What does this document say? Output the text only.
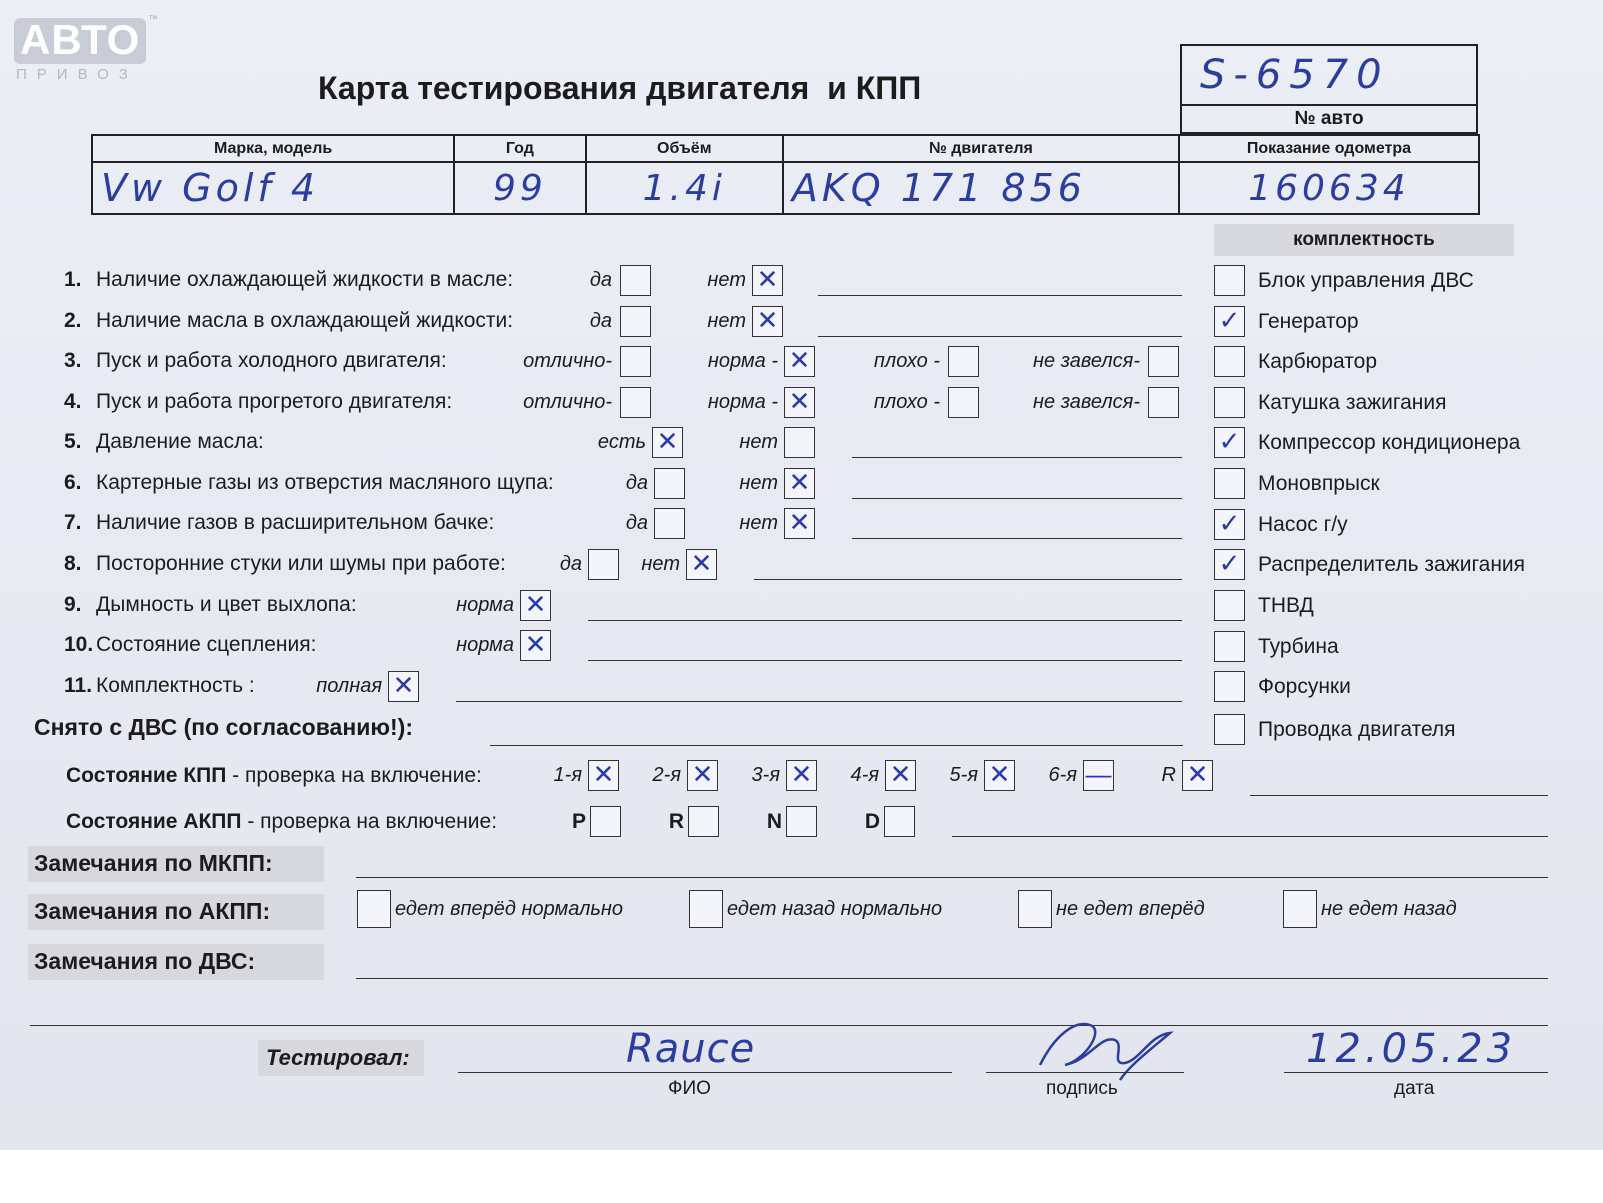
АВТО ™
ПРИВОЗ	Карта тестирования двигателя  и КПП	S-6570
№ авто
Марка, модель	Год	Объём	№ двигателя	Показание одометра
Vw Golf 4	99	1.4i	AKQ 171 856	160634
комплектность
Блок управления ДВС
✓ Генератор
Карбюратор
Катушка зажигания
✓ Компрессор кондиционера
Моновпрыск
✓ Насос г/у
✓ Распределитель зажигания
ТНВД
Турбина
Форсунки
Проводка двигателя
1. Наличие охлаждающей жидкости в масле:	да	нет ✕
2. Наличие масла в охлаждающей жидкости:	да	нет ✕
3. Пуск и работа холодного двигателя:	отлично-	норма - ✕	плохо -	не завелся-
4. Пуск и работа прогретого двигателя:	отлично-	норма - ✕	плохо -	не завелся-
5. Давление масла:	есть ✕	нет
6. Картерные газы из отверстия масляного щупа:	да	нет ✕
7. Наличие газов в расширительном бачке:	да	нет ✕
8. Посторонние стуки или шумы при работе:	да	нет ✕
9. Дымность и цвет выхлопа:	норма ✕
10. Состояние сцепления:	норма ✕
11. Комплектность :	полная ✕
Снято с ДВС (по согласованию!):
Состояние КПП - проверка на включение:	1-я ✕ 2-я ✕ 3-я ✕ 4-я ✕ 5-я ✕ 6-я —	R ✕
Состояние АКПП - проверка на включение:	P	R	N	D
Замечания по МКПП:
Замечания по АКПП:	едет вперёд нормально	едет назад нормально	не едет вперёд	не едет назад
Замечания по ДВС:
Тестировал:	Rauce
ФИО	подпись
12.05.23
дата
